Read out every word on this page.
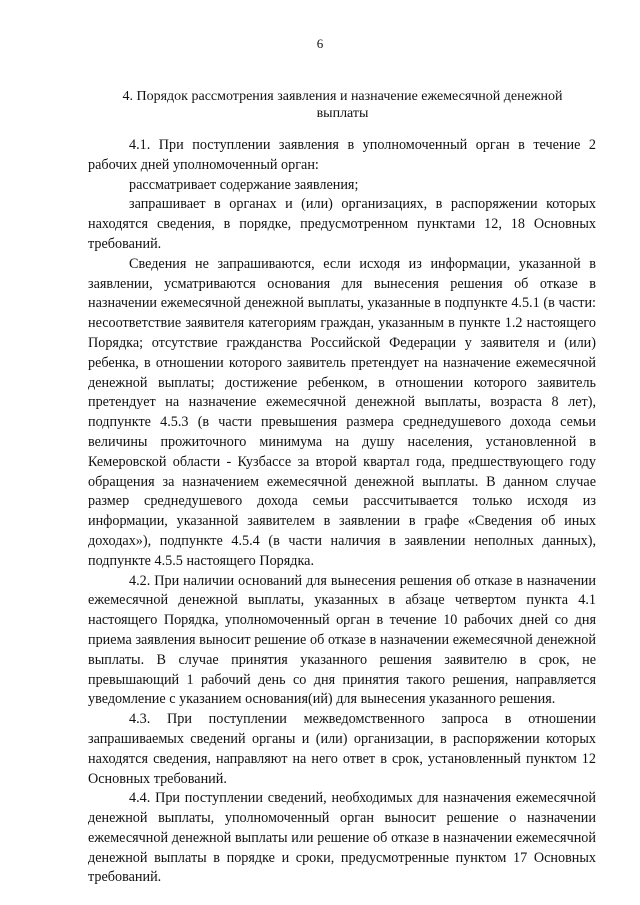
6
4. Порядок рассмотрения заявления и назначение ежемесячной денежной выплаты

4.1. При поступлении заявления в уполномоченный орган в течение 2 рабочих дней уполномоченный орган:

рассматривает содержание заявления;

запрашивает в органах и (или) организациях, в распоряжении которых находятся сведения, в порядке, предусмотренном пунктами 12, 18 Основных требований.

Сведения не запрашиваются, если исходя из информации, указанной в заявлении, усматриваются основания для вынесения решения об отказе в назначении ежемесячной денежной выплаты, указанные в подпункте 4.5.1 (в части: несоответствие заявителя категориям граждан, указанным в пункте 1.2 настоящего Порядка; отсутствие гражданства Российской Федерации у заявителя и (или) ребенка, в отношении которого заявитель претендует на назначение ежемесячной денежной выплаты; достижение ребенком, в отношении которого заявитель претендует на назначение ежемесячной денежной выплаты, возраста 8 лет), подпункте 4.5.3 (в части превышения размера среднедушевого дохода семьи величины прожиточного минимума на душу населения, установленной в Кемеровской области - Кузбассе за второй квартал года, предшествующего году обращения за назначением ежемесячной денежной выплаты. В данном случае размер среднедушевого дохода семьи рассчитывается только исходя из информации, указанной заявителем в заявлении в графе «Сведения об иных доходах»), подпункте 4.5.4 (в части наличия в заявлении неполных данных), подпункте 4.5.5 настоящего Порядка.

4.2. При наличии оснований для вынесения решения об отказе в назначении ежемесячной денежной выплаты, указанных в абзаце четвертом пункта 4.1 настоящего Порядка, уполномоченный орган в течение 10 рабочих дней со дня приема заявления выносит решение об отказе в назначении ежемесячной денежной выплаты. В случае принятия указанного решения заявителю в срок, не превышающий 1 рабочий день со дня принятия такого решения, направляется уведомление с указанием основания(ий) для вынесения указанного решения.

4.3. При поступлении межведомственного запроса в отношении запрашиваемых сведений органы и (или) организации, в распоряжении которых находятся сведения, направляют на него ответ в срок, установленный пунктом 12 Основных требований.

4.4. При поступлении сведений, необходимых для назначения ежемесячной денежной выплаты, уполномоченный орган выносит решение о назначении ежемесячной денежной выплаты или решение об отказе в назначении ежемесячной денежной выплаты в порядке и сроки, предусмотренные пунктом 17 Основных требований.
